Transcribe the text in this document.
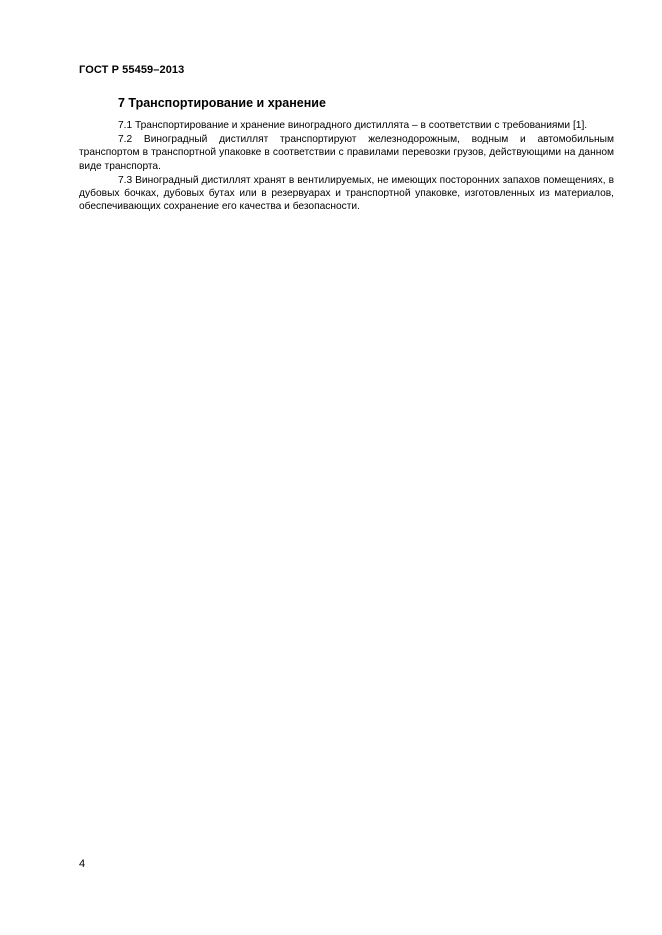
ГОСТ Р 55459–2013
7 Транспортирование и хранение

7.1 Транспортирование и хранение виноградного дистиллята – в соответствии с требованиями [1].

7.2 Виноградный дистиллят транспортируют железнодорожным, водным и автомобильным транспортом в транспортной упаковке в соответствии с правилами перевозки грузов, действующими на данном виде транспорта.

7.3 Виноградный дистиллят хранят в вентилируемых, не имеющих посторонних запахов помещениях, в дубовых бочках, дубовых бутах или в резервуарах и транспортной упаковке, изготовленных из материалов, обеспечивающих сохранение его качества и безопасности.

4
